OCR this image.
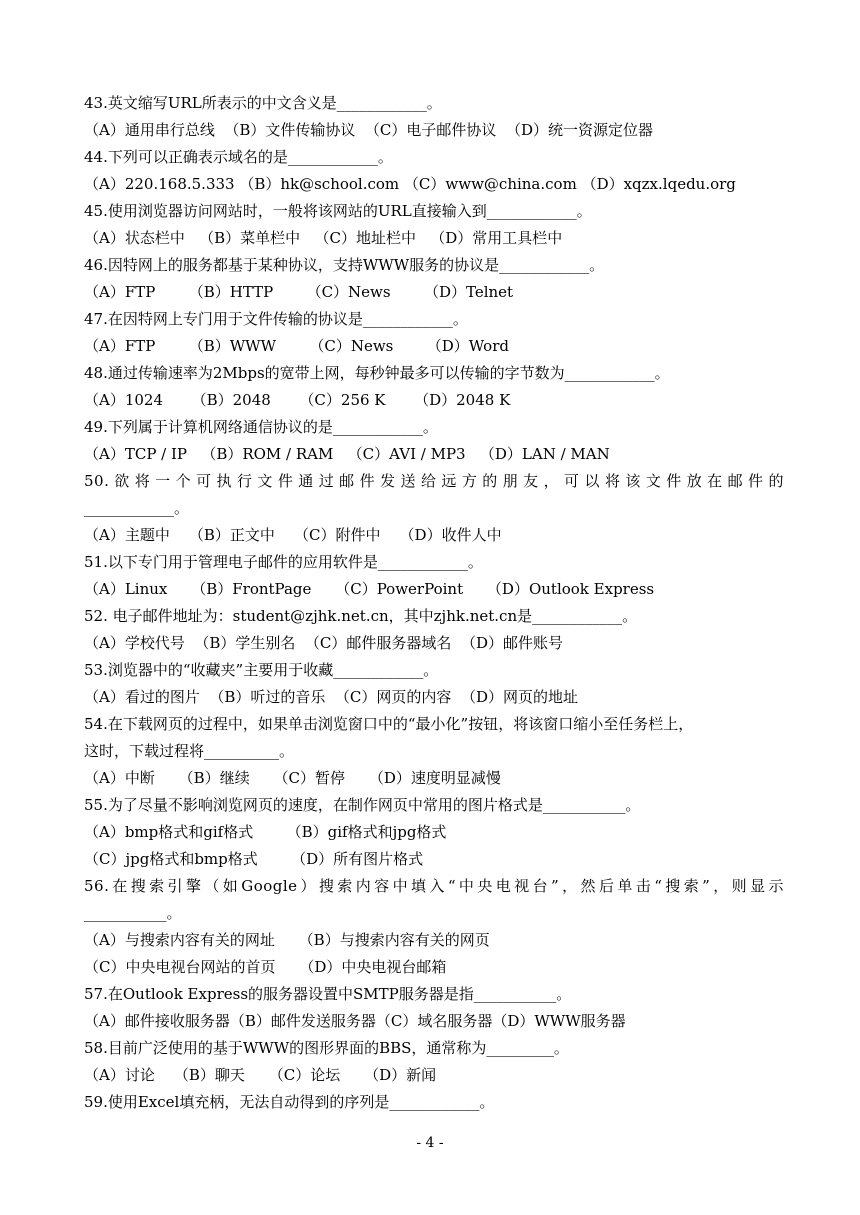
43.英文缩写URL所表示的中文含义是____________。
（A）通用串行总线  （B）文件传输协议  （C）电子邮件协议  （D）统一资源定位器
44.下列可以正确表示域名的是____________。
（A）220.168.5.333 （B）hk@school.com （C）www@china.com （D）xqzx.lqedu.org
45.使用浏览器访问网站时，一般将该网站的URL直接输入到____________。
（A）状态栏中   （B）菜单栏中   （C）地址栏中   （D）常用工具栏中
46.因特网上的服务都基于某种协议，支持WWW服务的协议是____________。
（A）FTP       （B）HTTP       （C）News       （D）Telnet
47.在因特网上专门用于文件传输的协议是____________。
（A）FTP       （B）WWW       （C）News       （D）Word
48.通过传输速率为2Mbps的宽带上网，每秒钟最多可以传输的字节数为____________。
（A）1024      （B）2048      （C）256 K      （D）2048 K
49.下列属于计算机网络通信协议的是____________。
（A）TCP / IP   （B）ROM / RAM   （C）AVI / MP3   （D）LAN / MAN
50.欲将一个可执行文件通过邮件发送给远方的朋友，可以将该文件放在邮件的
____________。
（A）主题中    （B）正文中    （C）附件中    （D）收件人中
51.以下专门用于管理电子邮件的应用软件是____________。
（A）Linux     （B）FrontPage     （C）PowerPoint     （D）Outlook Express
52. 电子邮件地址为：student@zjhk.net.cn，其中zjhk.net.cn是____________。
（A）学校代号  （B）学生别名  （C）邮件服务器域名  （D）邮件账号
53.浏览器中的“收藏夹”主要用于收藏____________。
（A）看过的图片  （B）听过的音乐  （C）网页的内容  （D）网页的地址
54.在下载网页的过程中，如果单击浏览窗口中的“最小化”按钮，将该窗口缩小至任务栏上，
这时，下载过程将__________。
（A）中断     （B）继续     （C）暂停     （D）速度明显减慢
55.为了尽量不影响浏览网页的速度，在制作网页中常用的图片格式是___________。
（A）bmp格式和gif格式       （B）gif格式和jpg格式
（C）jpg格式和bmp格式       （D）所有图片格式
56.在搜索引擎（如Google）搜索内容中填入“中央电视台”，然后单击“搜索”，则显示
___________。
（A）与搜索内容有关的网址     （B）与搜索内容有关的网页
（C）中央电视台网站的首页     （D）中央电视台邮箱
57.在Outlook Express的服务器设置中SMTP服务器是指___________。
（A）邮件接收服务器（B）邮件发送服务器（C）域名服务器（D）WWW服务器
58.目前广泛使用的基于WWW的图形界面的BBS，通常称为_________。
（A）讨论    （B）聊天     （C）论坛     （D）新闻
59.使用Excel填充柄，无法自动得到的序列是____________。
- 4 -
